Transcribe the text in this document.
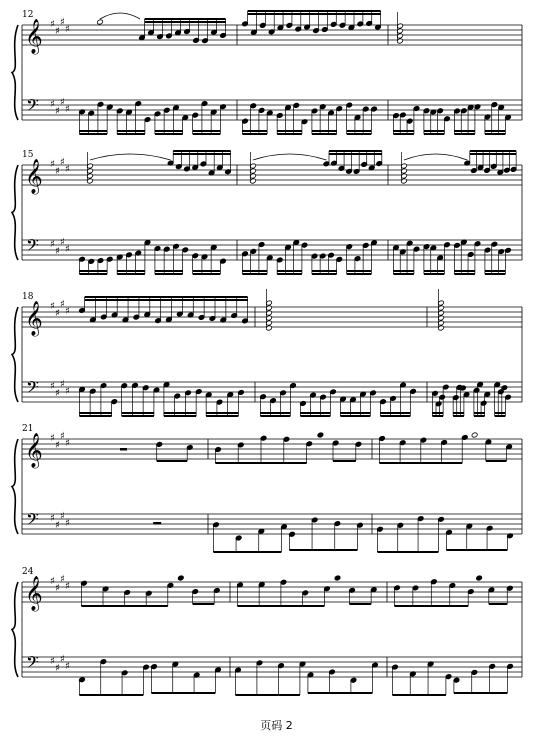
12
𝄞
𝄢
♯
♯
♯
♯
♯
♯
♯
♯
15
𝄞
𝄢
♯
♯
♯
♯
♯
♯
♯
♯
18
𝄞
𝄢
♯
♯
♯
♯
♯
♯
♯
♯
21
𝄞
𝄢
♯
♯
♯
♯
♯
♯
♯
♯
24
𝄞
𝄢
♯
♯
♯
♯
♯
♯
♯
♯
页码 2
